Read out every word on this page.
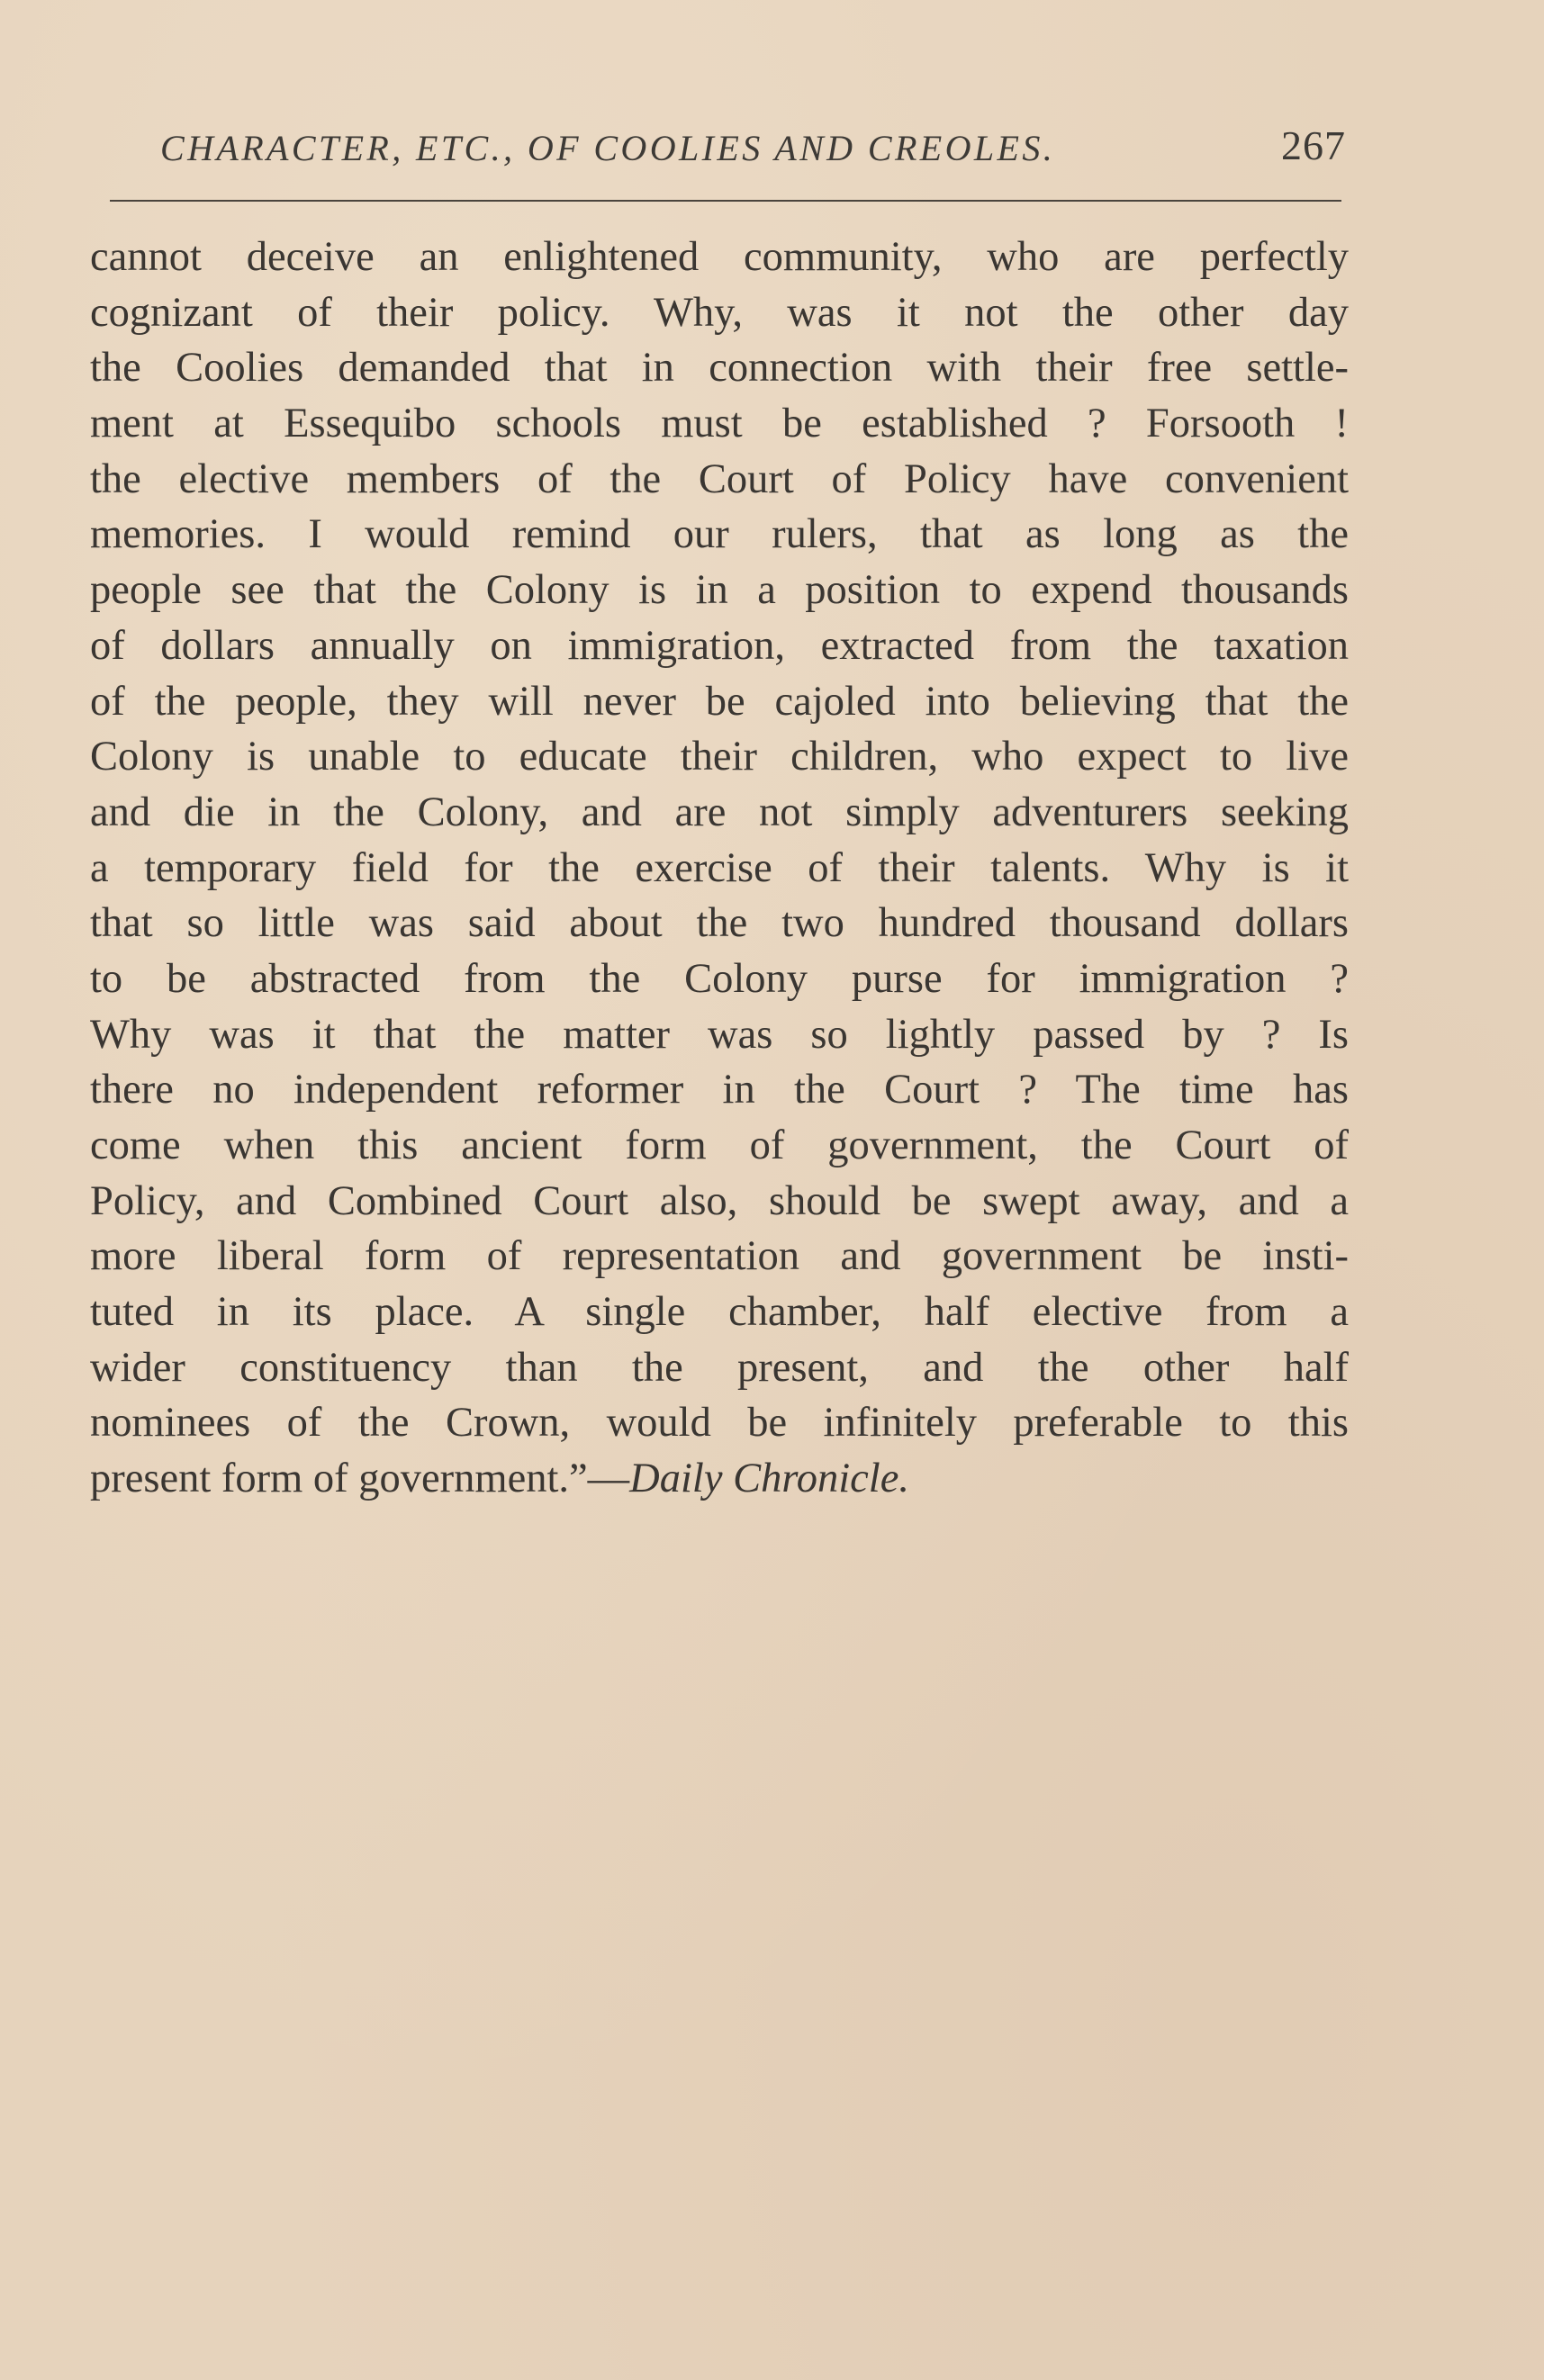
CHARACTER, ETC., OF COOLIES AND CREOLES.	267
cannot deceive an enlightened community, who are perfectly
cognizant of their policy. Why, was it not the other day
the Coolies demanded that in connection with their free settle-
ment at Essequibo schools must be established ? Forsooth !
the elective members of the Court of Policy have convenient
memories. I would remind our rulers, that as long as the
people see that the Colony is in a position to expend thousands
of dollars annually on immigration, extracted from the taxation
of the people, they will never be cajoled into believing that the
Colony is unable to educate their children, who expect to live
and die in the Colony, and are not simply adventurers seeking
a temporary field for the exercise of their talents. Why is it
that so little was said about the two hundred thousand dollars
to be abstracted from the Colony purse for immigration ?
Why was it that the matter was so lightly passed by ? Is
there no independent reformer in the Court ? The time has
come when this ancient form of government, the Court of
Policy, and Combined Court also, should be swept away, and a
more liberal form of representation and government be insti-
tuted in its place. A single chamber, half elective from a
wider constituency than the present, and the other half
nominees of the Crown, would be infinitely preferable to this
present form of government.”—Daily Chronicle.
